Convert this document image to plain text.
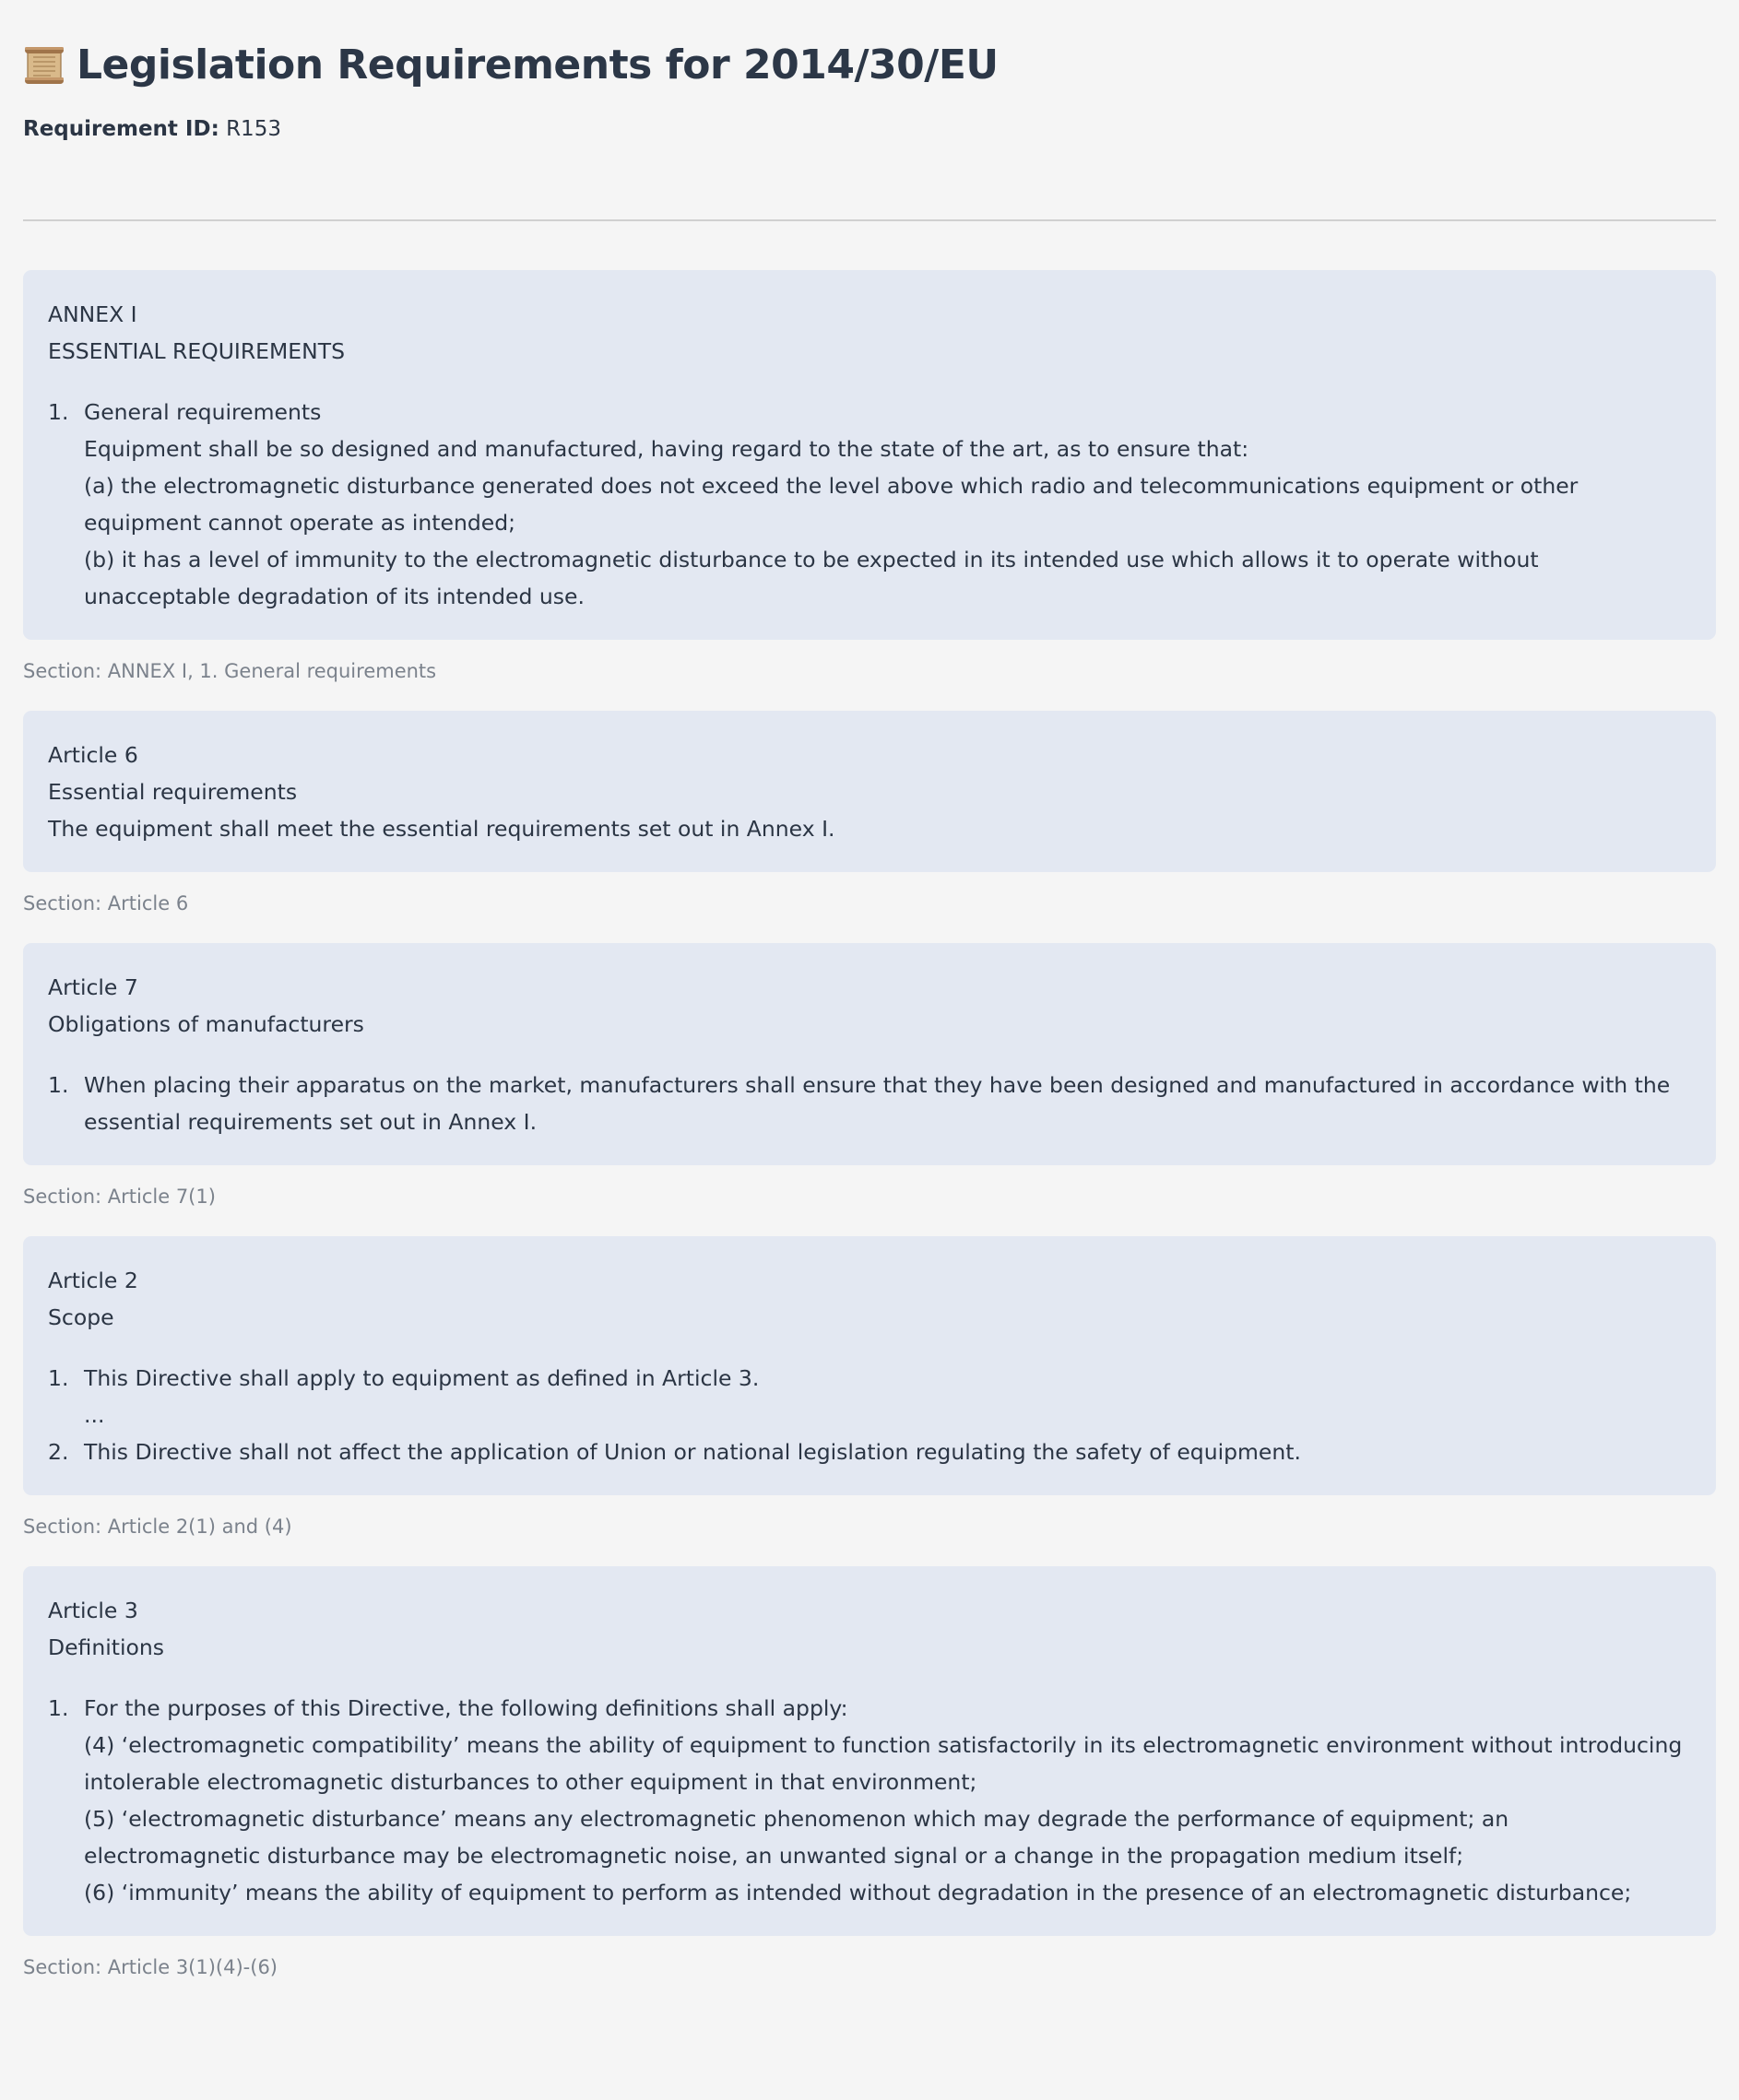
Legislation Requirements for 2014/30/EU
Requirement ID: R153
ANNEX I
ESSENTIAL REQUIREMENTS
1. General requirements
Equipment shall be so designed and manufactured, having regard to the state of the art, as to ensure that:
(a) the electromagnetic disturbance generated does not exceed the level above which radio and telecommunications equipment or other equipment cannot operate as intended;
(b) it has a level of immunity to the electromagnetic disturbance to be expected in its intended use which allows it to operate without unacceptable degradation of its intended use.
Section: ANNEX I, 1. General requirements
Article 6
Essential requirements
The equipment shall meet the essential requirements set out in Annex I.
Section: Article 6
Article 7
Obligations of manufacturers
1. When placing their apparatus on the market, manufacturers shall ensure that they have been designed and manufactured in accordance with the essential requirements set out in Annex I.
Section: Article 7(1)
Article 2
Scope
1. This Directive shall apply to equipment as defined in Article 3.
...
2. This Directive shall not affect the application of Union or national legislation regulating the safety of equipment.
Section: Article 2(1) and (4)
Article 3
Definitions
1. For the purposes of this Directive, the following definitions shall apply:
(4) ‘electromagnetic compatibility’ means the ability of equipment to function satisfactorily in its electromagnetic environment without introducing intolerable electromagnetic disturbances to other equipment in that environment;
(5) ‘electromagnetic disturbance’ means any electromagnetic phenomenon which may degrade the performance of equipment; an electromagnetic disturbance may be electromagnetic noise, an unwanted signal or a change in the propagation medium itself;
(6) ‘immunity’ means the ability of equipment to perform as intended without degradation in the presence of an electromagnetic disturbance;
Section: Article 3(1)(4)-(6)
